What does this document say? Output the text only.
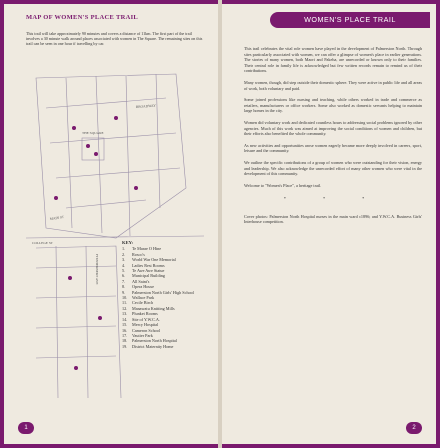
MAP OF WOMEN'S PLACE TRAIL
This trail will take approximately 90 minutes and covers a distance of 11km. The first part of the trail involves a 30 minute walk around places associated with women in The Square. The remaining sites on this trail can be seen in one hour if travelling by car.
MAIN ST
THE SQUARE
COLLEGE ST
FITZHERBERT AVE
BROADWAY
KEY:
1.	Te Marae O Hine
2.	Rosco's
3.	World War One Memorial
4.	Ladies Rest Rooms
5.	Te Awe Awe Statue
6.	Municipal Building
7.	All Saint's
8.	Opera House
9.	Palmerston North Girls' High School
10.	Wallace Park
11.	Cecile Birch
12.	Manawatu Knitting Mills
13.	Plunket Rooms
14.	Site of Y.W.C.A.
15.	Mercy Hospital
16.	Cameron School
17.	Vautier Park
18.	Palmerston North Hospital
19.	District Maternity Home
1
WOMEN'S PLACE TRAIL

This trail celebrates the vital role women have played in the development of Palmerston North. Through sites particularly associated with women, we can offer a glimpse of women's place in earlier generations. The stories of many women, both Maori and Pakeha, are unrecorded or known only to their families. Their central role in family life is acknowledged but few written records remain to remind us of their contributions.

Many women, though, did step outside their domestic sphere. They were active in public life and all areas of work, both voluntary and paid.

Some joined professions like nursing and teaching, while others worked in trade and commerce as retailers, manufacturers or office workers. Some also worked as domestic servants helping to maintain large homes in the city.

Women did voluntary work and dedicated countless hours to addressing social problems ignored by other agencies. Much of this work was aimed at improving the social conditions of women and children, but their efforts also benefited the whole community.

As new activities and opportunities arose women eagerly became more deeply involved in careers, sport, leisure and the community.

We outline the specific contributions of a group of women who were outstanding for their vision, energy and leadership. We also acknowledge the unrecorded effort of many other women who were vital in the development of this community.

Welcome to "Women's Place", a heritage trail.

* * *

Cover photos: Palmerston North Hospital nurses in the main ward c1896; and Y.W.C.A. Business Girls' Interhouse competition.

2
